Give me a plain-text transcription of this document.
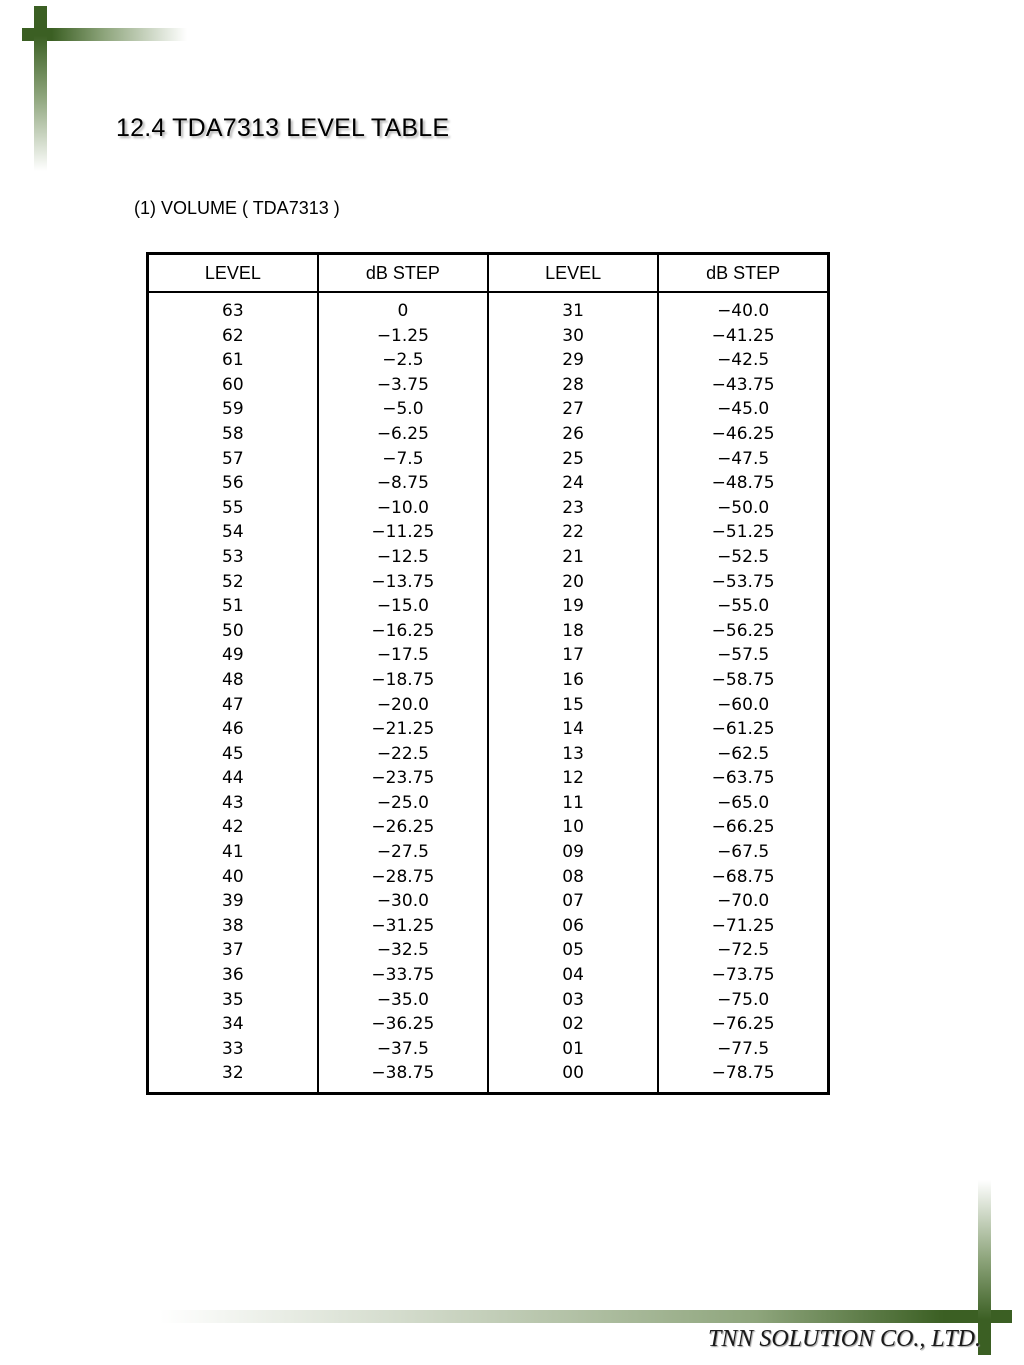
12.4 TDA7313 LEVEL TABLE

(1) VOLUME ( TDA7313 )

LEVEL	dB STEP	LEVEL	dB STEP
63	0	31	−40.0
62	−1.25	30	−41.25
61	−2.5	29	−42.5
60	−3.75	28	−43.75
59	−5.0	27	−45.0
58	−6.25	26	−46.25
57	−7.5	25	−47.5
56	−8.75	24	−48.75
55	−10.0	23	−50.0
54	−11.25	22	−51.25
53	−12.5	21	−52.5
52	−13.75	20	−53.75
51	−15.0	19	−55.0
50	−16.25	18	−56.25
49	−17.5	17	−57.5
48	−18.75	16	−58.75
47	−20.0	15	−60.0
46	−21.25	14	−61.25
45	−22.5	13	−62.5
44	−23.75	12	−63.75
43	−25.0	11	−65.0
42	−26.25	10	−66.25
41	−27.5	09	−67.5
40	−28.75	08	−68.75
39	−30.0	07	−70.0
38	−31.25	06	−71.25
37	−32.5	05	−72.5
36	−33.75	04	−73.75
35	−35.0	03	−75.0
34	−36.25	02	−76.25
33	−37.5	01	−77.5
32	−38.75	00	−78.75

TNN SOLUTION CO., LTD.
